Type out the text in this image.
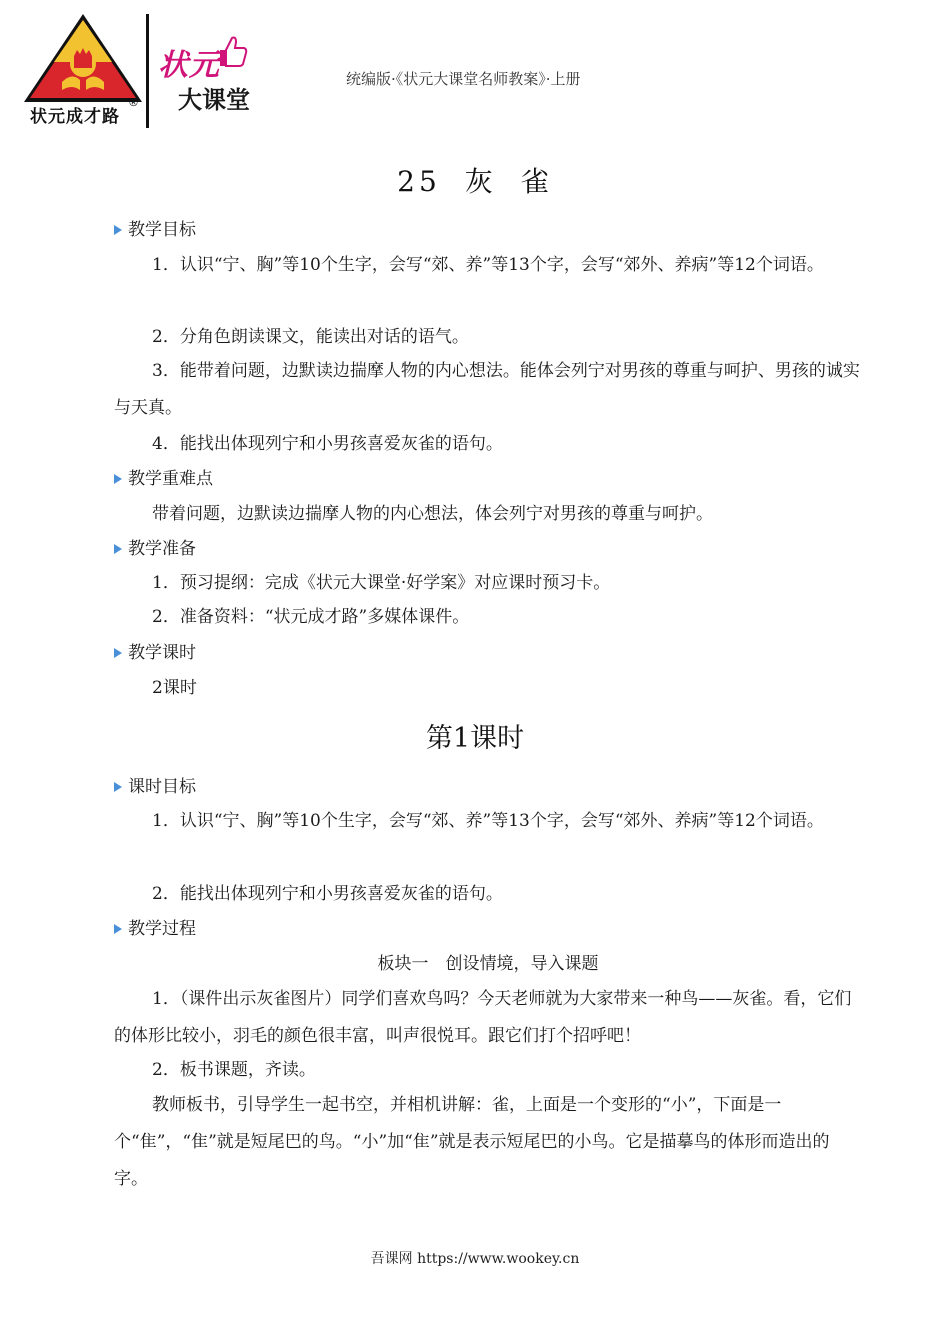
状元成才路
®
状元
大课堂
统编版·《状元大课堂名师教案》·上册
25 灰 雀
教学目标
1．认识“宁、胸”等10个生字，会写“郊、养”等13个字，会写“郊外、养病”等12个词语。
2．分角色朗读课文，能读出对话的语气。
3．能带着问题，边默读边揣摩人物的内心想法。能体会列宁对男孩的尊重与呵护、男孩的诚实与天真。
4．能找出体现列宁和小男孩喜爱灰雀的语句。
教学重难点
带着问题，边默读边揣摩人物的内心想法，体会列宁对男孩的尊重与呵护。
教学准备
1．预习提纲：完成《状元大课堂·好学案》对应课时预习卡。
2．准备资料：“状元成才路”多媒体课件。
教学课时
2课时
第1课时
课时目标
1．认识“宁、胸”等10个生字，会写“郊、养”等13个字，会写“郊外、养病”等12个词语。
2．能找出体现列宁和小男孩喜爱灰雀的语句。
教学过程
板块一　创设情境，导入课题
1．（课件出示灰雀图片）同学们喜欢鸟吗？今天老师就为大家带来一种鸟——灰雀。看，它们的体形比较小，羽毛的颜色很丰富，叫声很悦耳。跟它们打个招呼吧！
2．板书课题，齐读。
教师板书，引导学生一起书空，并相机讲解：雀，上面是一个变形的“小”，下面是一个“隹”，“隹”就是短尾巴的鸟。“小”加“隹”就是表示短尾巴的小鸟。它是描摹鸟的体形而造出的字。
吾课网 https://www.wookey.cn
